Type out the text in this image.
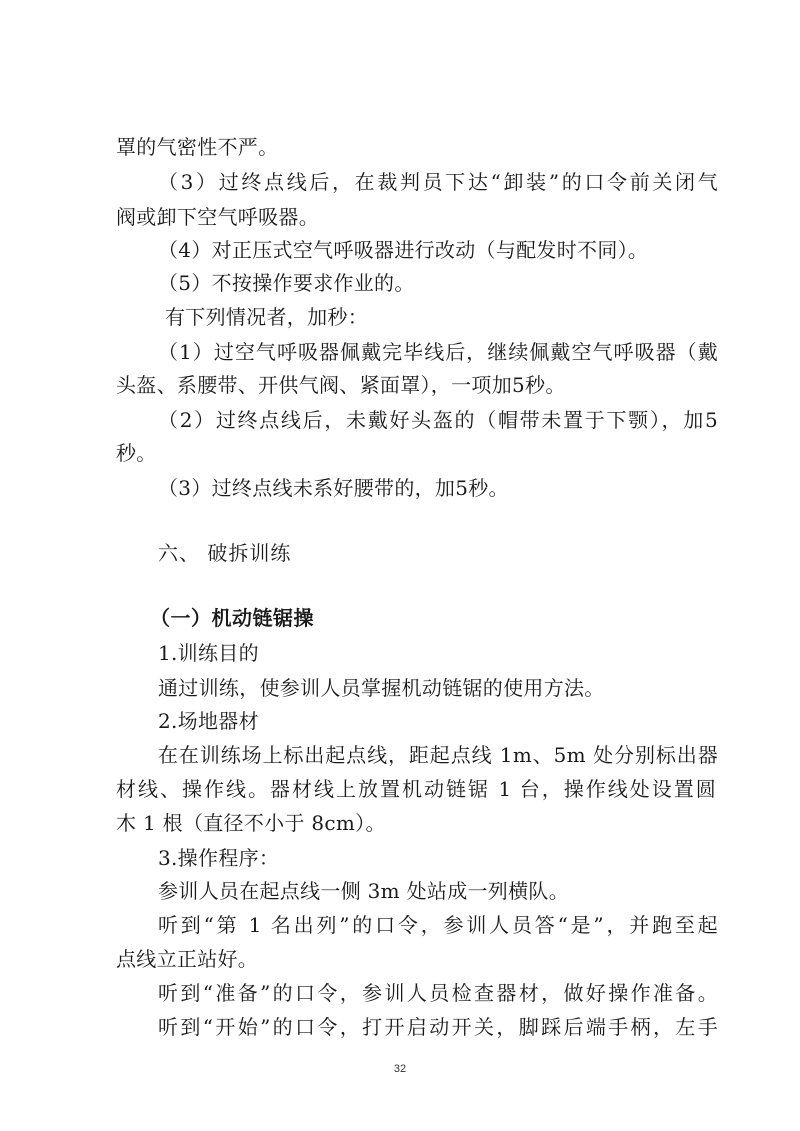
罩的气密性不严。

（3）过终点线后，在裁判员下达“卸装”的口令前关闭气

阀或卸下空气呼吸器。

（4）对正压式空气呼吸器进行改动（与配发时不同）。

（5）不按操作要求作业的。

有下列情况者，加秒：

（1）过空气呼吸器佩戴完毕线后，继续佩戴空气呼吸器（戴

头盔、系腰带、开供气阀、紧面罩），一项加5秒。

（2）过终点线后，未戴好头盔的（帽带未置于下颚），加5

秒。

（3）过终点线未系好腰带的，加5秒。

六、 破拆训练

（一）机动链锯操

1.训练目的

通过训练，使参训人员掌握机动链锯的使用方法。

2.场地器材

在在训练场上标出起点线，距起点线 1m、5m 处分别标出器

材线、操作线。器材线上放置机动链锯 1 台，操作线处设置圆

木 1 根（直径不小于 8cm）。

3.操作程序：

参训人员在起点线一侧 3m 处站成一列横队。

听到“第 1 名出列”的口令，参训人员答“是”，并跑至起

点线立正站好。

听到“准备”的口令，参训人员检查器材，做好操作准备。

听到“开始”的口令，打开启动开关，脚踩后端手柄，左手

32
